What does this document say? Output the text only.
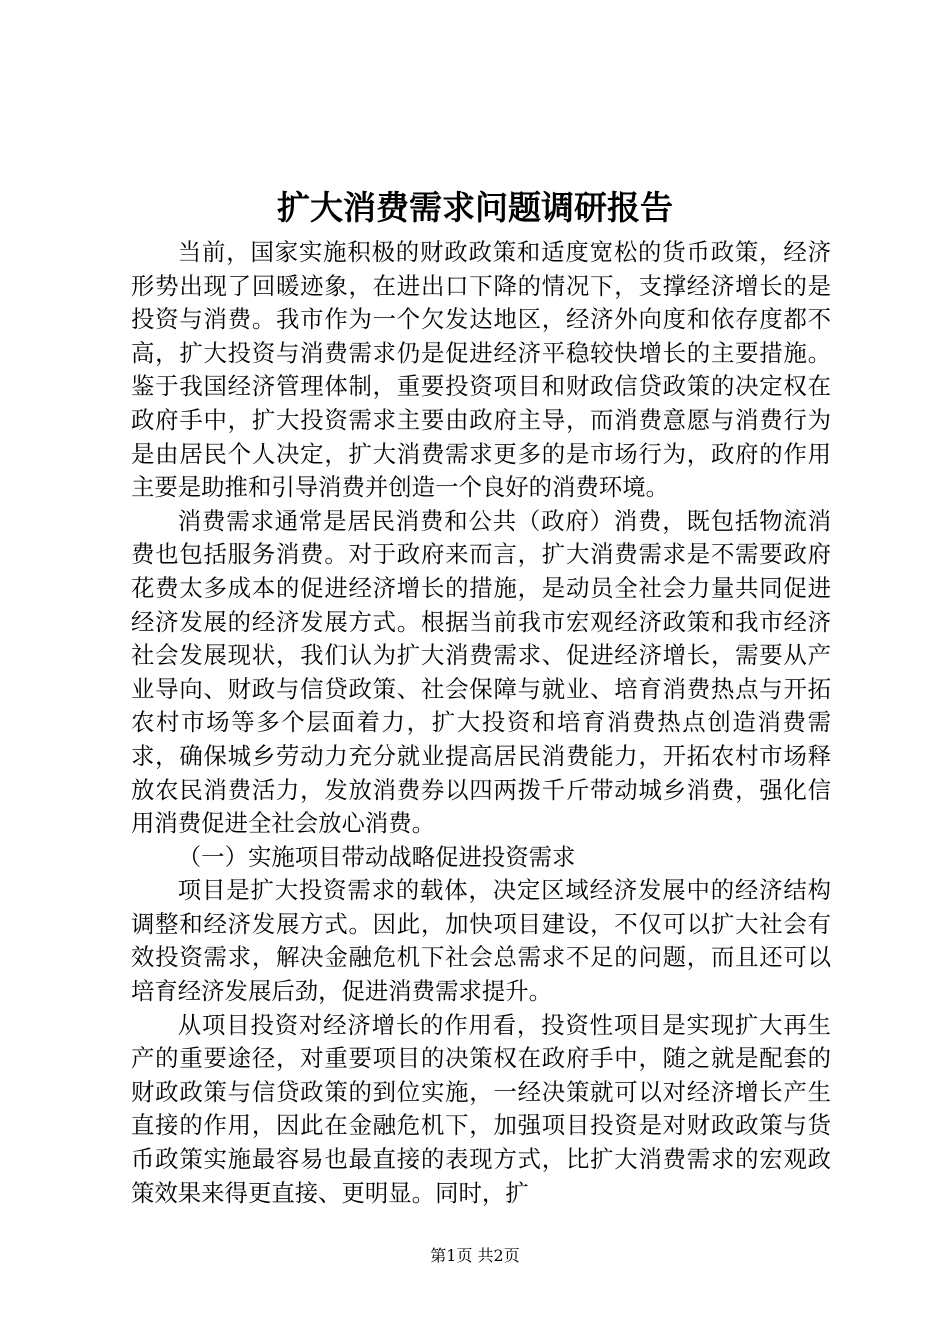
扩大消费需求问题调研报告

当前，国家实施积极的财政政策和适度宽松的货币政策，经济形势出现了回暖迹象，在进出口下降的情况下，支撑经济增长的是投资与消费。我市作为一个欠发达地区，经济外向度和依存度都不高，扩大投资与消费需求仍是促进经济平稳较快增长的主要措施。鉴于我国经济管理体制，重要投资项目和财政信贷政策的决定权在政府手中，扩大投资需求主要由政府主导，而消费意愿与消费行为是由居民个人决定，扩大消费需求更多的是市场行为，政府的作用主要是助推和引导消费并创造一个良好的消费环境。

消费需求通常是居民消费和公共（政府）消费，既包括物流消费也包括服务消费。对于政府来而言，扩大消费需求是不需要政府花费太多成本的促进经济增长的措施，是动员全社会力量共同促进经济发展的经济发展方式。根据当前我市宏观经济政策和我市经济社会发展现状，我们认为扩大消费需求、促进经济增长，需要从产业导向、财政与信贷政策、社会保障与就业、培育消费热点与开拓农村市场等多个层面着力，扩大投资和培育消费热点创造消费需求，确保城乡劳动力充分就业提高居民消费能力，开拓农村市场释放农民消费活力，发放消费券以四两拨千斤带动城乡消费，强化信用消费促进全社会放心消费。

（一）实施项目带动战略促进投资需求

项目是扩大投资需求的载体，决定区域经济发展中的经济结构调整和经济发展方式。因此，加快项目建设，不仅可以扩大社会有效投资需求，解决金融危机下社会总需求不足的问题，而且还可以培育经济发展后劲，促进消费需求提升。

从项目投资对经济增长的作用看，投资性项目是实现扩大再生产的重要途径，对重要项目的决策权在政府手中，随之就是配套的财政政策与信贷政策的到位实施，一经决策就可以对经济增长产生直接的作用，因此在金融危机下，加强项目投资是对财政政策与货币政策实施最容易也最直接的表现方式，比扩大消费需求的宏观政策效果来得更直接、更明显。同时，扩

第1页 共2页
